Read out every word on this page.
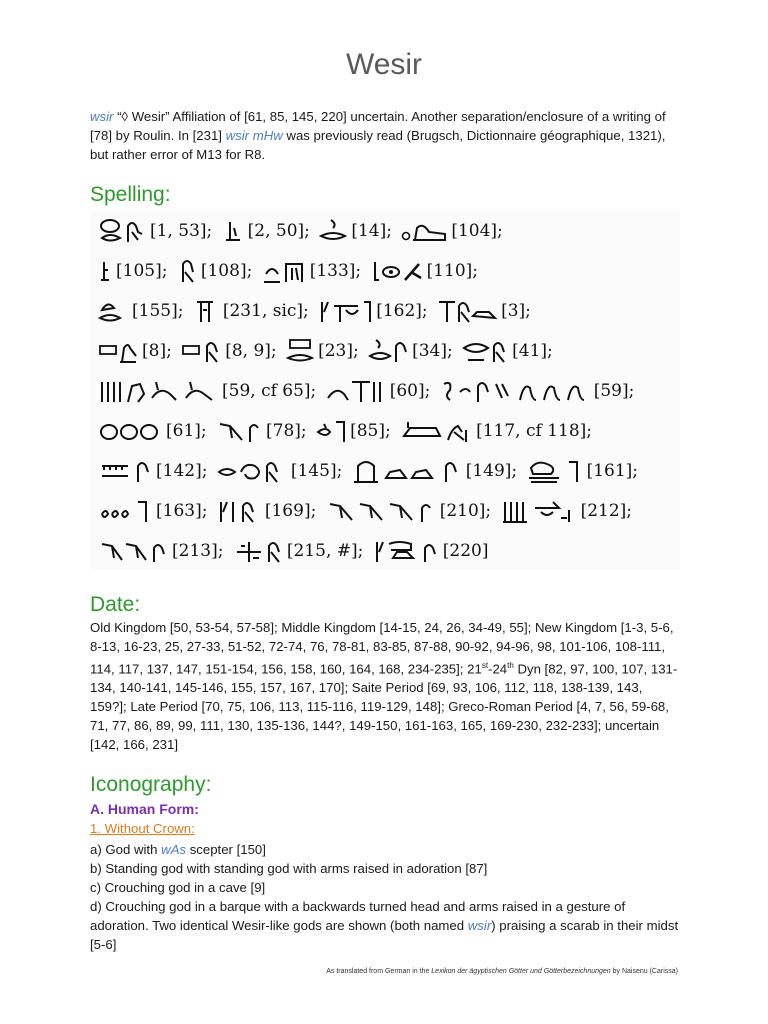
Wesir
wsir “◊ Wesir” Affiliation of [61, 85, 145, 220] uncertain. Another separation/enclosure of a writing of [78] by Roulin. In [231] wsir mHw was previously read (Brugsch, Dictionnaire géographique, 1321), but rather error of M13 for R8.
Spelling:
[1, 53]; [2, 50]; [14];	[104];
[105]; [108];	[133];	[110];
[155]; [231, sic];	[162];	[3];
[8];	[8, 9]; [23];	[34];	[41];
[59, cf 65];	[60];	[59];
[61];	[78];	[85];	[117, cf 118];
[142];	[145];	[149];	[161];
[163];	[169];	[210];	[212];
[213];	[215, #];	[220]
Date:
Old Kingdom [50, 53-54, 57-58]; Middle Kingdom [14-15, 24, 26, 34-49, 55]; New Kingdom [1-3, 5-6, 8-13, 16-23, 25, 27-33, 51-52, 72-74, 76, 78-81, 83-85, 87-88, 90-92, 94-96, 98, 101-106, 108-111, 114, 117, 137, 147, 151-154, 156, 158, 160, 164, 168, 234-235]; 21st-24th Dyn [82, 97, 100, 107, 131-134, 140-141, 145-146, 155, 157, 167, 170]; Saite Period [69, 93, 106, 112, 118, 138-139, 143, 159?]; Late Period [70, 75, 106, 113, 115-116, 119-129, 148]; Greco-Roman Period [4, 7, 56, 59-68, 71, 77, 86, 89, 99, 111, 130, 135-136, 144?, 149-150, 161-163, 165, 169-230, 232-233]; uncertain [142, 166, 231]
Iconography:
A. Human Form:
1. Without Crown:
a) God with wAs scepter [150]
b) Standing god with standing god with arms raised in adoration [87]
c) Crouching god in a cave [9]
d) Crouching god in a barque with a backwards turned head and arms raised in a gesture of adoration. Two identical Wesir-like gods are shown (both named wsir) praising a scarab in their midst [5-6]
As translated from German in the Lexikon der ägyptischen Götter und Götterbezeichnungen by Naisenu (Carissa)
